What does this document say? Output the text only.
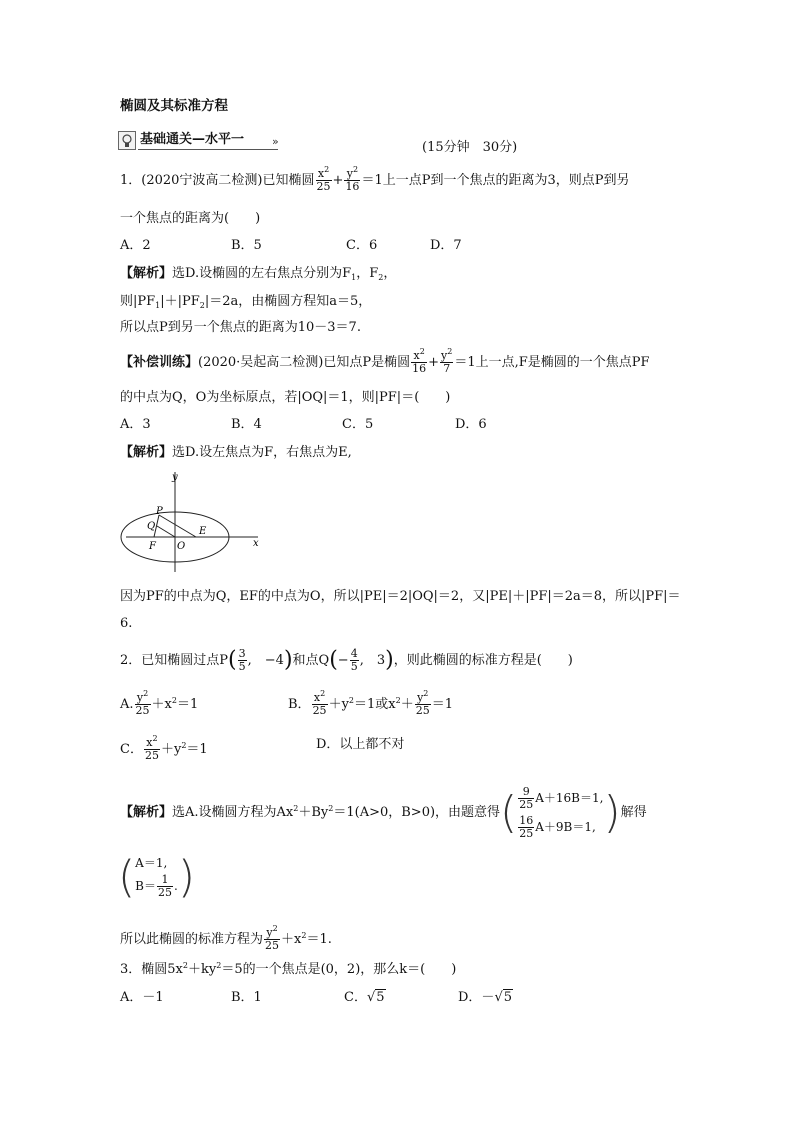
椭圆及其标准方程
»
基础通关—水平一
(15分钟　30分)
1．(2020宁波高二检测)已知椭圆 $\frac{x^2}{25} + \frac{y^2}{16} =1$上一点P到一个焦点的距离为3，则点P到另
一个焦点的距离为(　　)
A．2	B．5	C．6	D．7
【解析】选D.设椭圆的左右焦点分别为$F_1$，$F_2$，
则$|PF_1|+|PF_2|=2a$，由椭圆方程知a＝5，
所以点P到另一个焦点的距离为10－3＝7.
【补偿训练】(2020·吴起高二检测)已知点P是椭圆 $\frac{x^2}{16} + \frac{y^2}{7} =1$上一点,F是椭圆的一个焦点PF
的中点为Q，O为坐标原点，若|OQ|＝1，则|PF|＝(　　)
A．3	B．4	C．5	D．6
【解析】选D.设左焦点为F，右焦点为E,
y
x
P
Q
F O
E
因为PF的中点为Q，EF的中点为O，所以|PE|＝2|OQ|＝2，又|PE|＋|PF|＝2a＝8，所以|PF|＝
6.
2．已知椭圆过点$P( \frac{3}{5}$ ,　−4)和点$Q(- \frac{4}{5}$ ,　3)，则此椭圆的标准方程是(　　)
A. $\frac{y^2}{25} +x^2=1$	B． $\frac{x^2}{25} +y^2=1$或$x^2+ \frac{y^2}{25} =1$
C． $\frac{x^2}{25} +y^2=1$	D．以上都不对
【解析】选A.设椭圆方程为$Ax^2+By^2=1(A>0$，B>0)，由题意得( $\frac{9}{25} A+16B=1$,
$\frac{16}{25} A+9B=1$, )解得
( A＝1,
$B= \frac{1}{25}$ . )
所以此椭圆的标准方程为 $\frac{y^2}{25} +x^2=1$.
3．椭圆$5x^2+ky^2=5$的一个焦点是(0，2)，那么k＝(　　)
A．－1	B．1	C．√5	D．－√5
